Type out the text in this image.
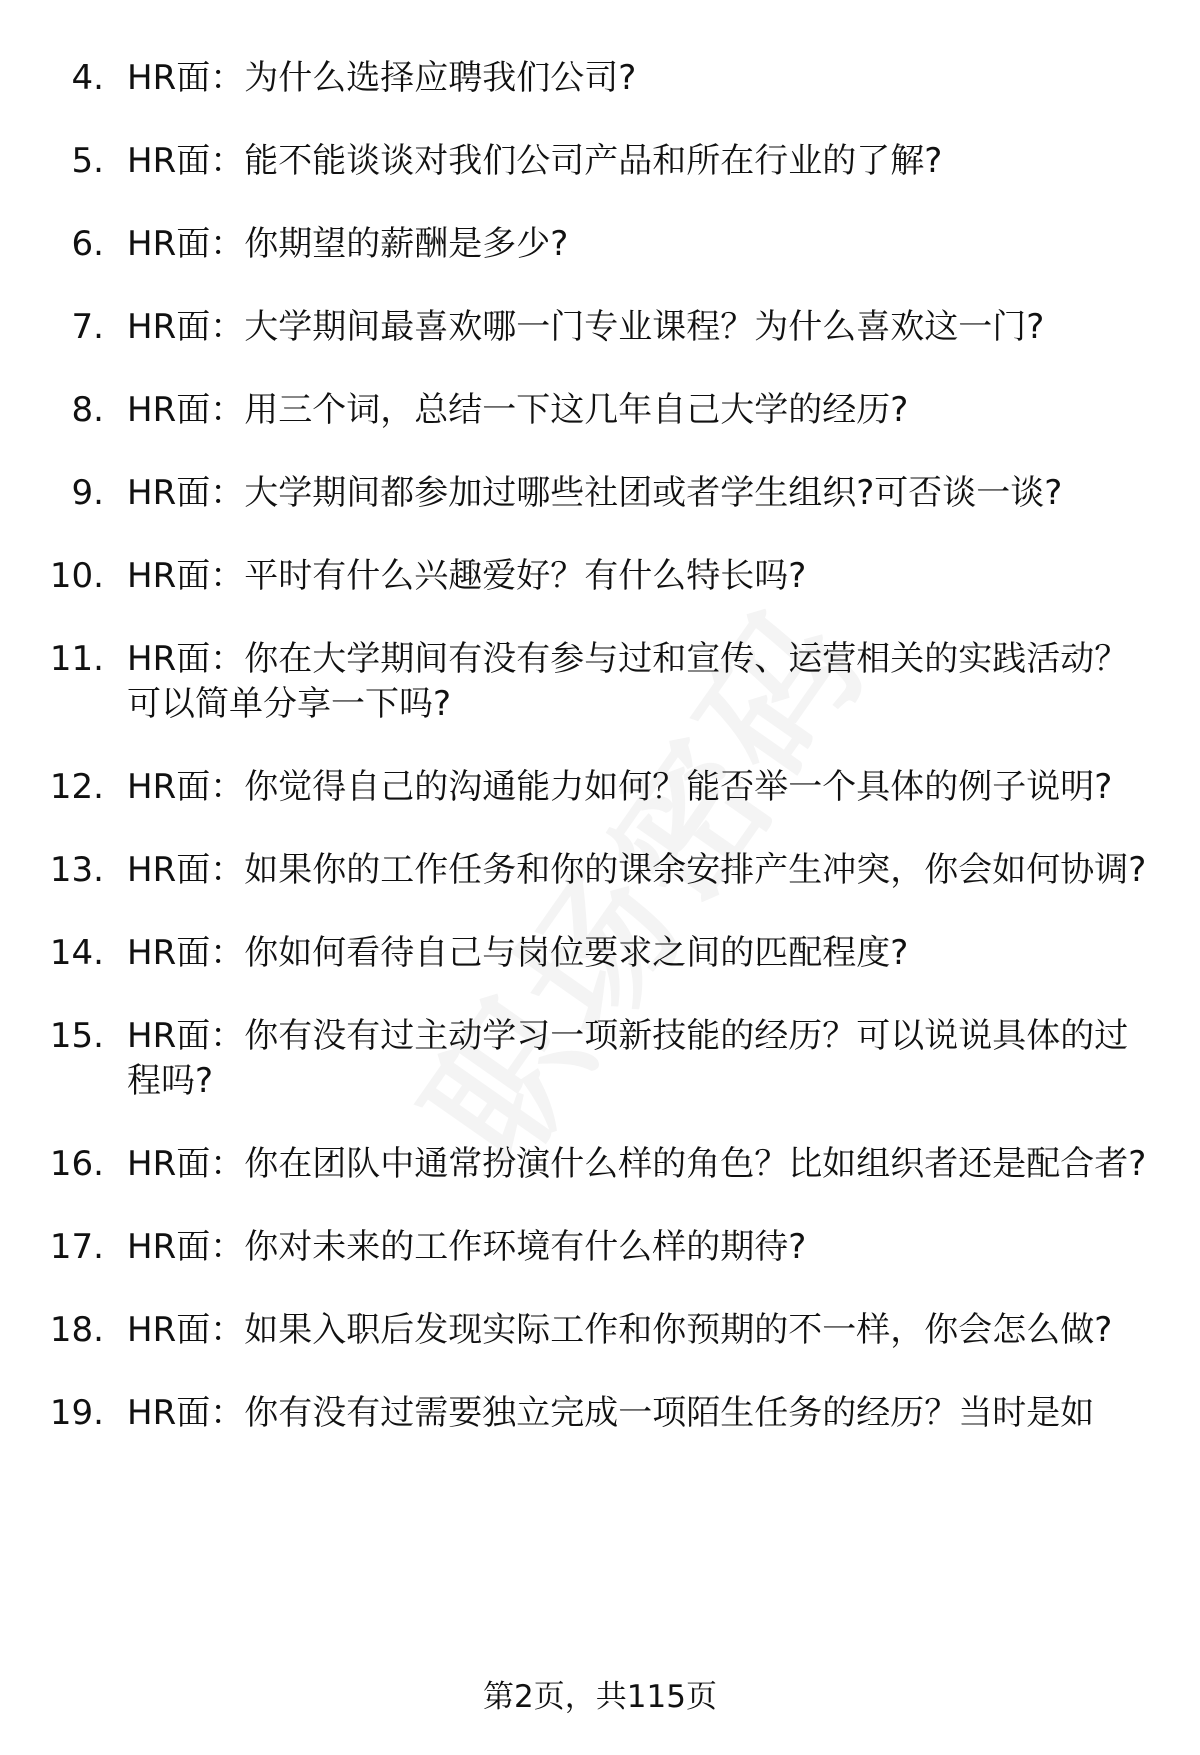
4. HR面：为什么选择应聘我们公司?
5. HR面：能不能谈谈对我们公司产品和所在行业的了解?
6. HR面：你期望的薪酬是多少?
7. HR面：大学期间最喜欢哪一门专业课程？为什么喜欢这一门?
8. HR面：用三个词，总结一下这几年自己大学的经历?
9. HR面：大学期间都参加过哪些社团或者学生组织?可否谈一谈?
10. HR面：平时有什么兴趣爱好？有什么特长吗?
11. HR面：你在大学期间有没有参与过和宣传、运营相关的实践活动？可以简单分享一下吗?
12. HR面：你觉得自己的沟通能力如何？能否举一个具体的例子说明?
13. HR面：如果你的工作任务和你的课余安排产生冲突，你会如何协调?
14. HR面：你如何看待自己与岗位要求之间的匹配程度?
15. HR面：你有没有过主动学习一项新技能的经历？可以说说具体的过程吗?
16. HR面：你在团队中通常扮演什么样的角色？比如组织者还是配合者?
17. HR面：你对未来的工作环境有什么样的期待?
18. HR面：如果入职后发现实际工作和你预期的不一样，你会怎么做?
19. HR面：你有没有过需要独立完成一项陌生任务的经历？当时是如
第2页，共115页
